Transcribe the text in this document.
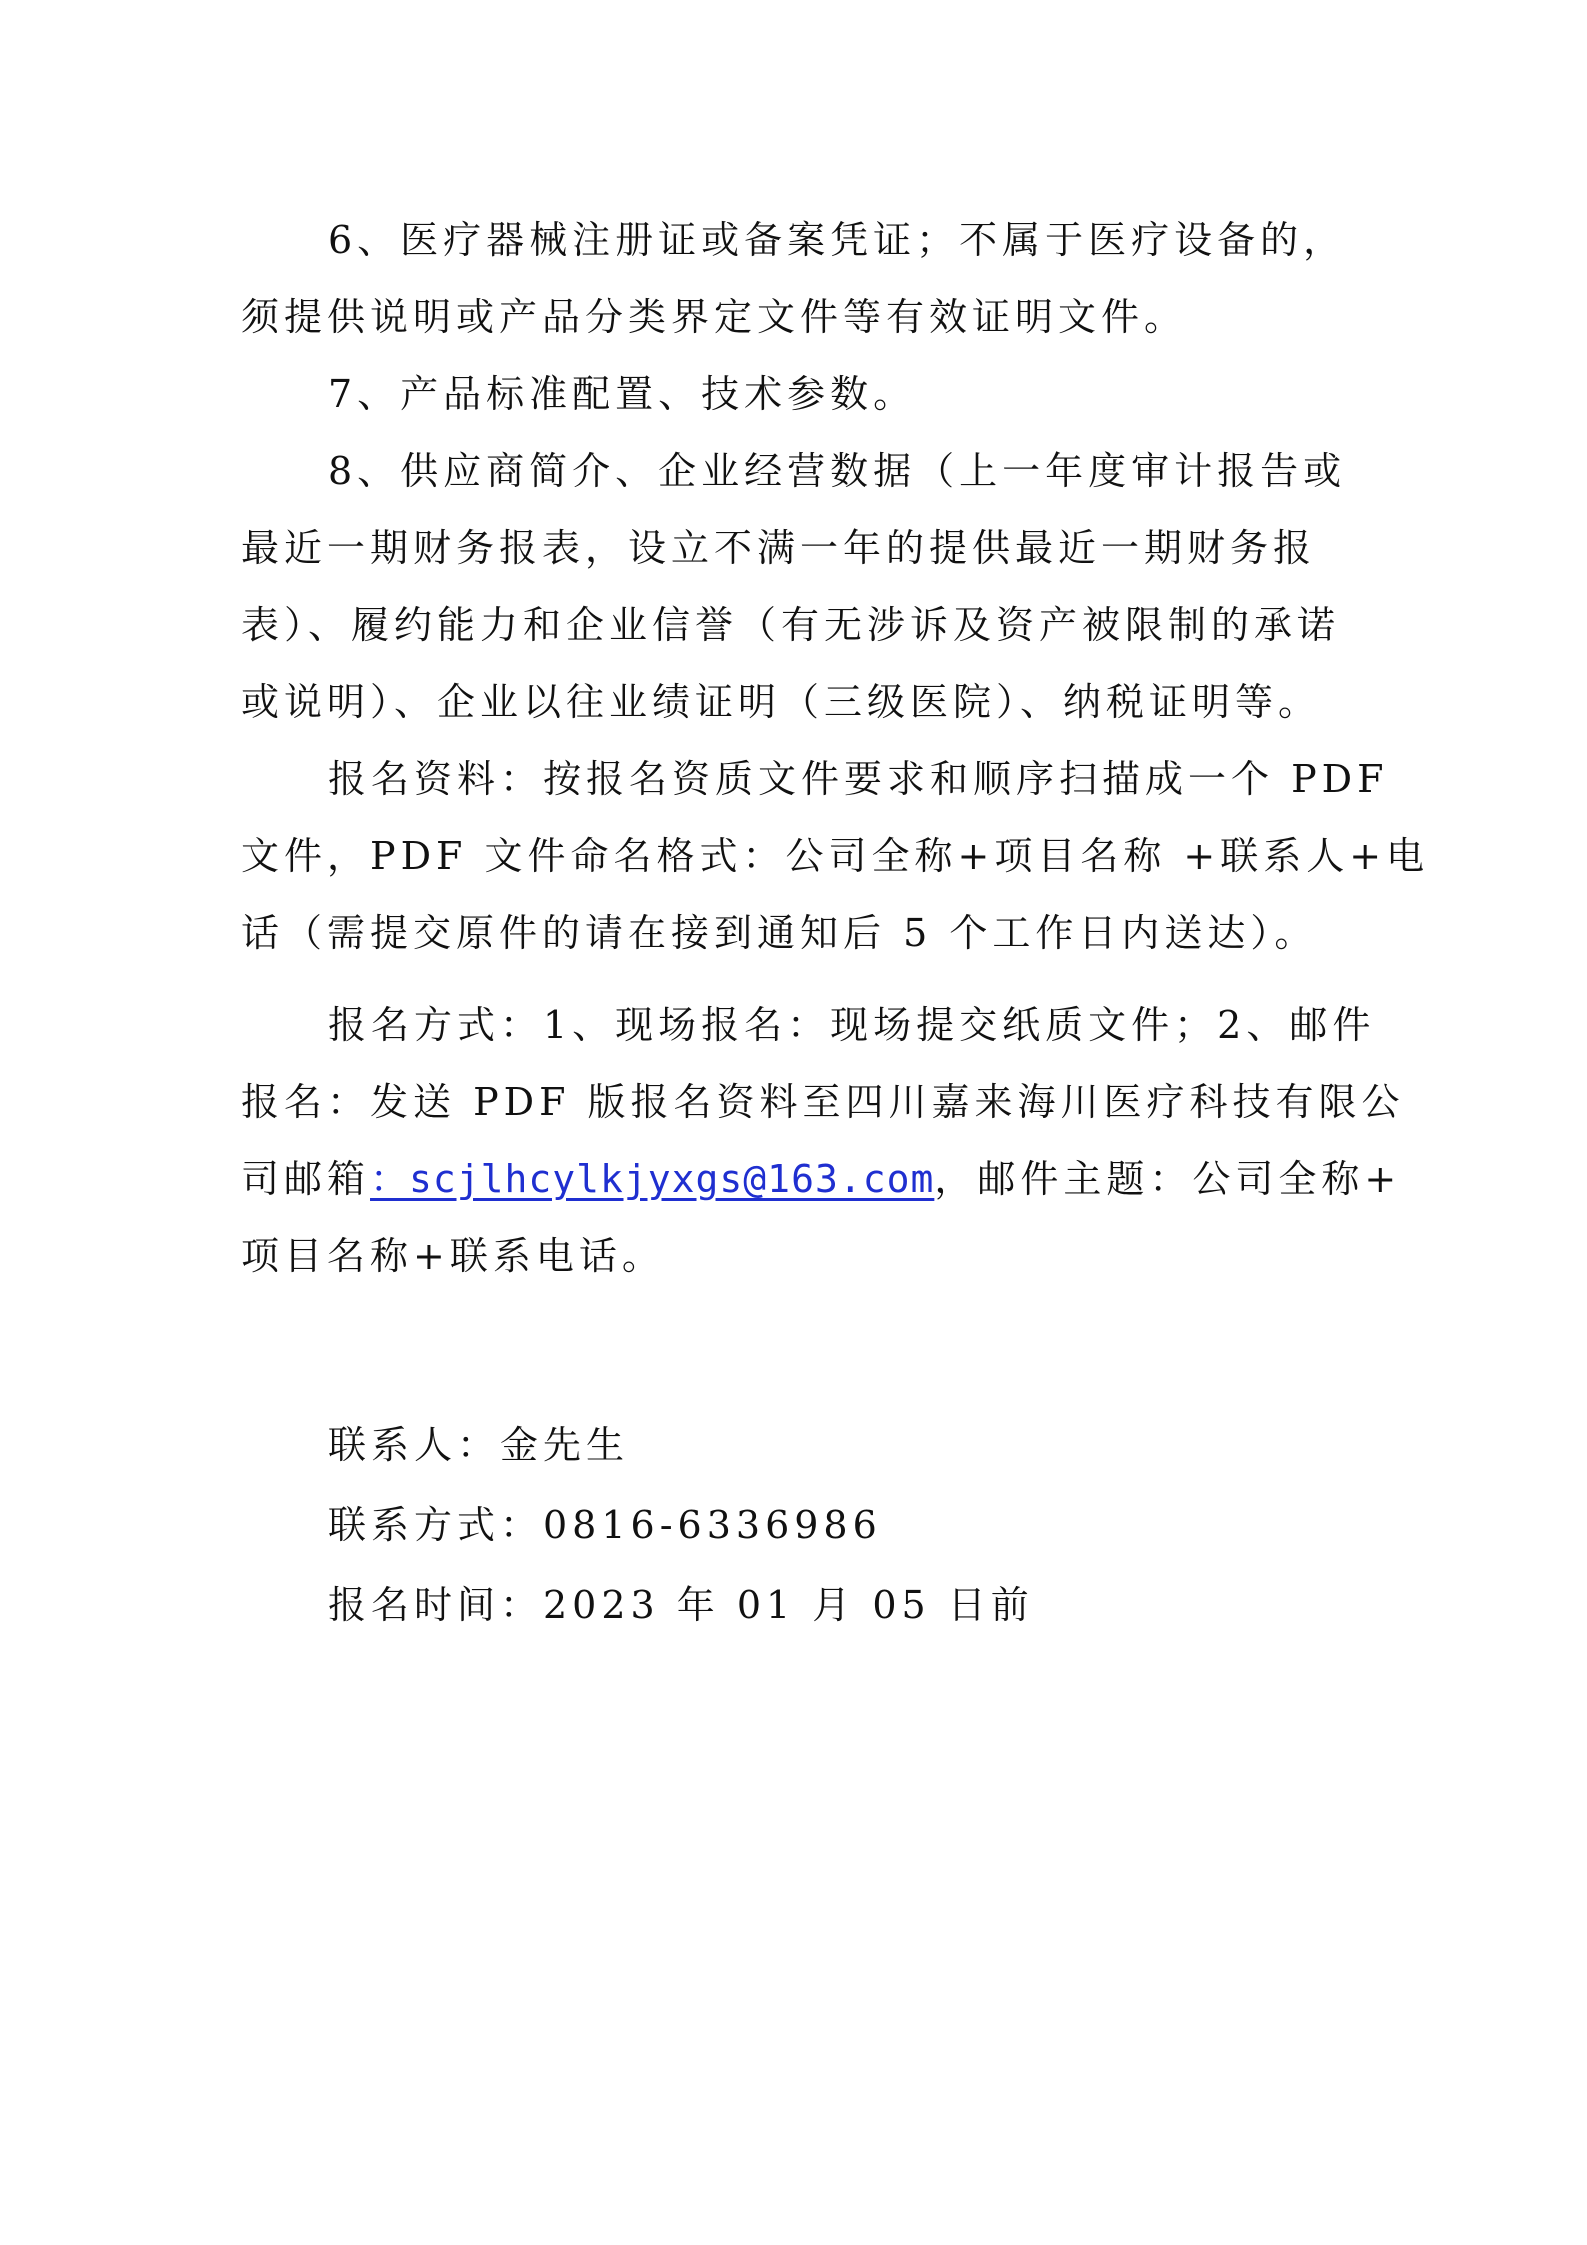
6、医疗器械注册证或备案凭证；不属于医疗设备的，
须提供说明或产品分类界定文件等有效证明文件。
7、产品标准配置、技术参数。
8、供应商简介、企业经营数据（上一年度审计报告或
最近一期财务报表，设立不满一年的提供最近一期财务报
表）、履约能力和企业信誉（有无涉诉及资产被限制的承诺
或说明）、企业以往业绩证明（三级医院）、纳税证明等。
报名资料：按报名资质文件要求和顺序扫描成一个 PDF
文件，PDF 文件命名格式：公司全称+项目名称 +联系人+电
话（需提交原件的请在接到通知后 5 个工作日内送达）。
报名方式：1、现场报名：现场提交纸质文件；2、邮件
报名：发送 PDF 版报名资料至四川嘉来海川医疗科技有限公
司邮箱：scjlhcylkjyxgs@163.com，邮件主题：公司全称+
项目名称+联系电话。
联系人：金先生
联系方式：0816-6336986
报名时间：2023 年 01 月 05 日前
